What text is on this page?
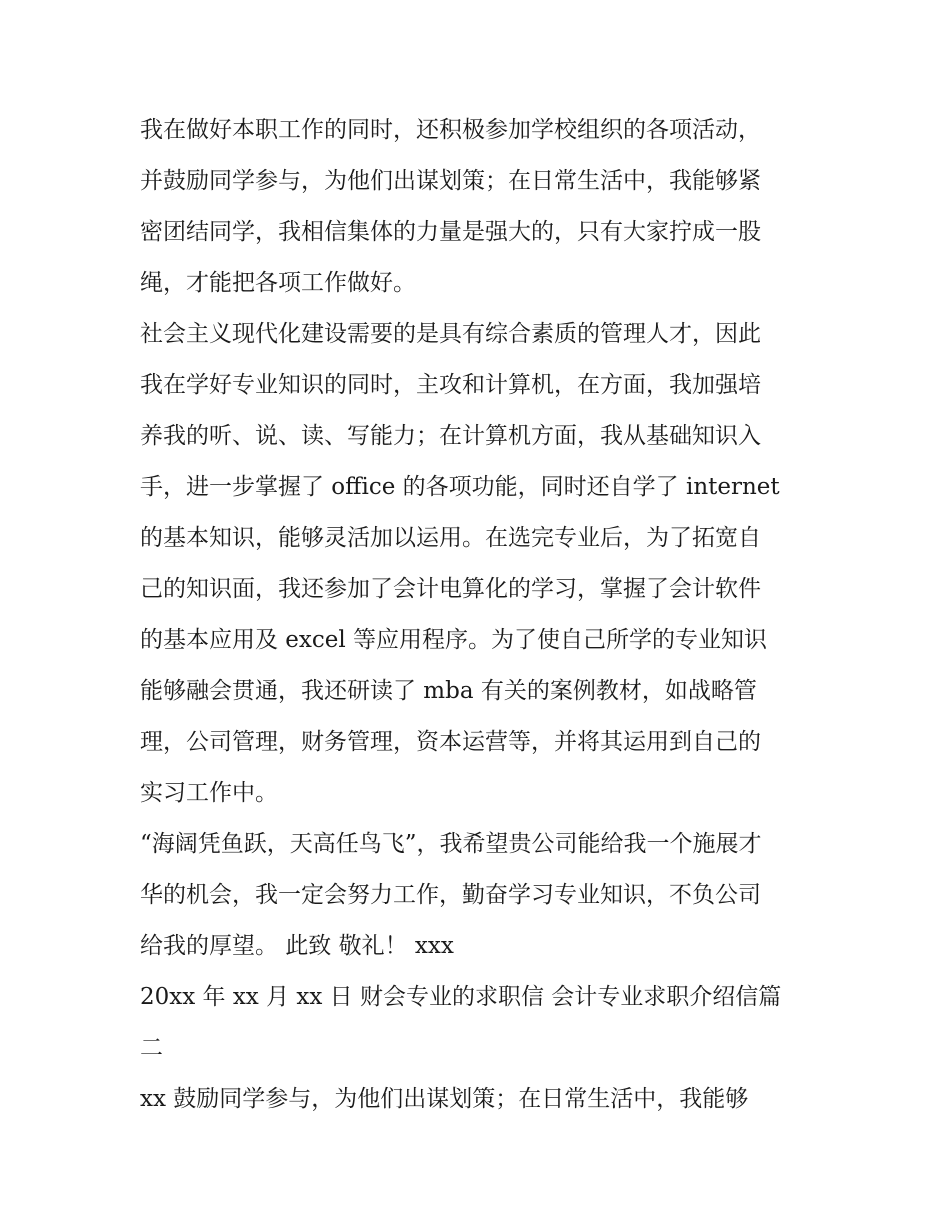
我在做好本职工作的同时，还积极参加学校组织的各项活动，
并鼓励同学参与，为他们出谋划策；在日常生活中，我能够紧
密团结同学，我相信集体的力量是强大的，只有大家拧成一股
绳，才能把各项工作做好。
社会主义现代化建设需要的是具有综合素质的管理人才，因此
我在学好专业知识的同时，主攻和计算机，在方面，我加强培
养我的听、说、读、写能力；在计算机方面，我从基础知识入
手，进一步掌握了 office 的各项功能，同时还自学了 internet
的基本知识，能够灵活加以运用。在选完专业后，为了拓宽自
己的知识面，我还参加了会计电算化的学习，掌握了会计软件
的基本应用及 excel 等应用程序。为了使自己所学的专业知识
能够融会贯通，我还研读了 mba 有关的案例教材，如战略管
理，公司管理，财务管理，资本运营等，并将其运用到自己的
实习工作中。
“海阔凭鱼跃，天高任鸟飞”，我希望贵公司能给我一个施展才
华的机会，我一定会努力工作，勤奋学习专业知识，不负公司
给我的厚望。 此致 敬礼！ xxx
20xx 年 xx 月 xx 日 财会专业的求职信 会计专业求职介绍信篇
二
xx 鼓励同学参与，为他们出谋划策；在日常生活中，我能够
